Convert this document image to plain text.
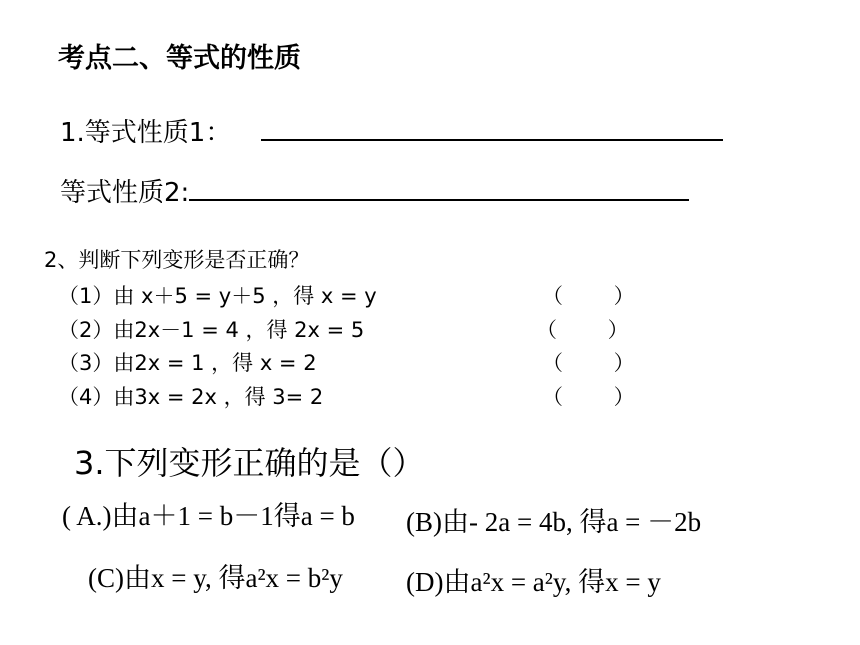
考点二、等式的性质
1.等式性质1：
等式性质2:
2、判断下列变形是否正确？
（1）由 x＋5 = y＋5 ，得 x = y	（ ）
（2）由2x－1 = 4 ，得 2x = 5	（ ）
（3）由2x = 1 ，得 x = 2	（ ）
（4）由3x = 2x ，得 3= 2	（ ）
3.下列变形正确的是（）
( A.)由a＋1 = b－1得a = b (B)由- 2a = 4b, 得a = －2b
(C)由x = y, 得a²x = b²y (D)由a²x = a²y, 得x = y
